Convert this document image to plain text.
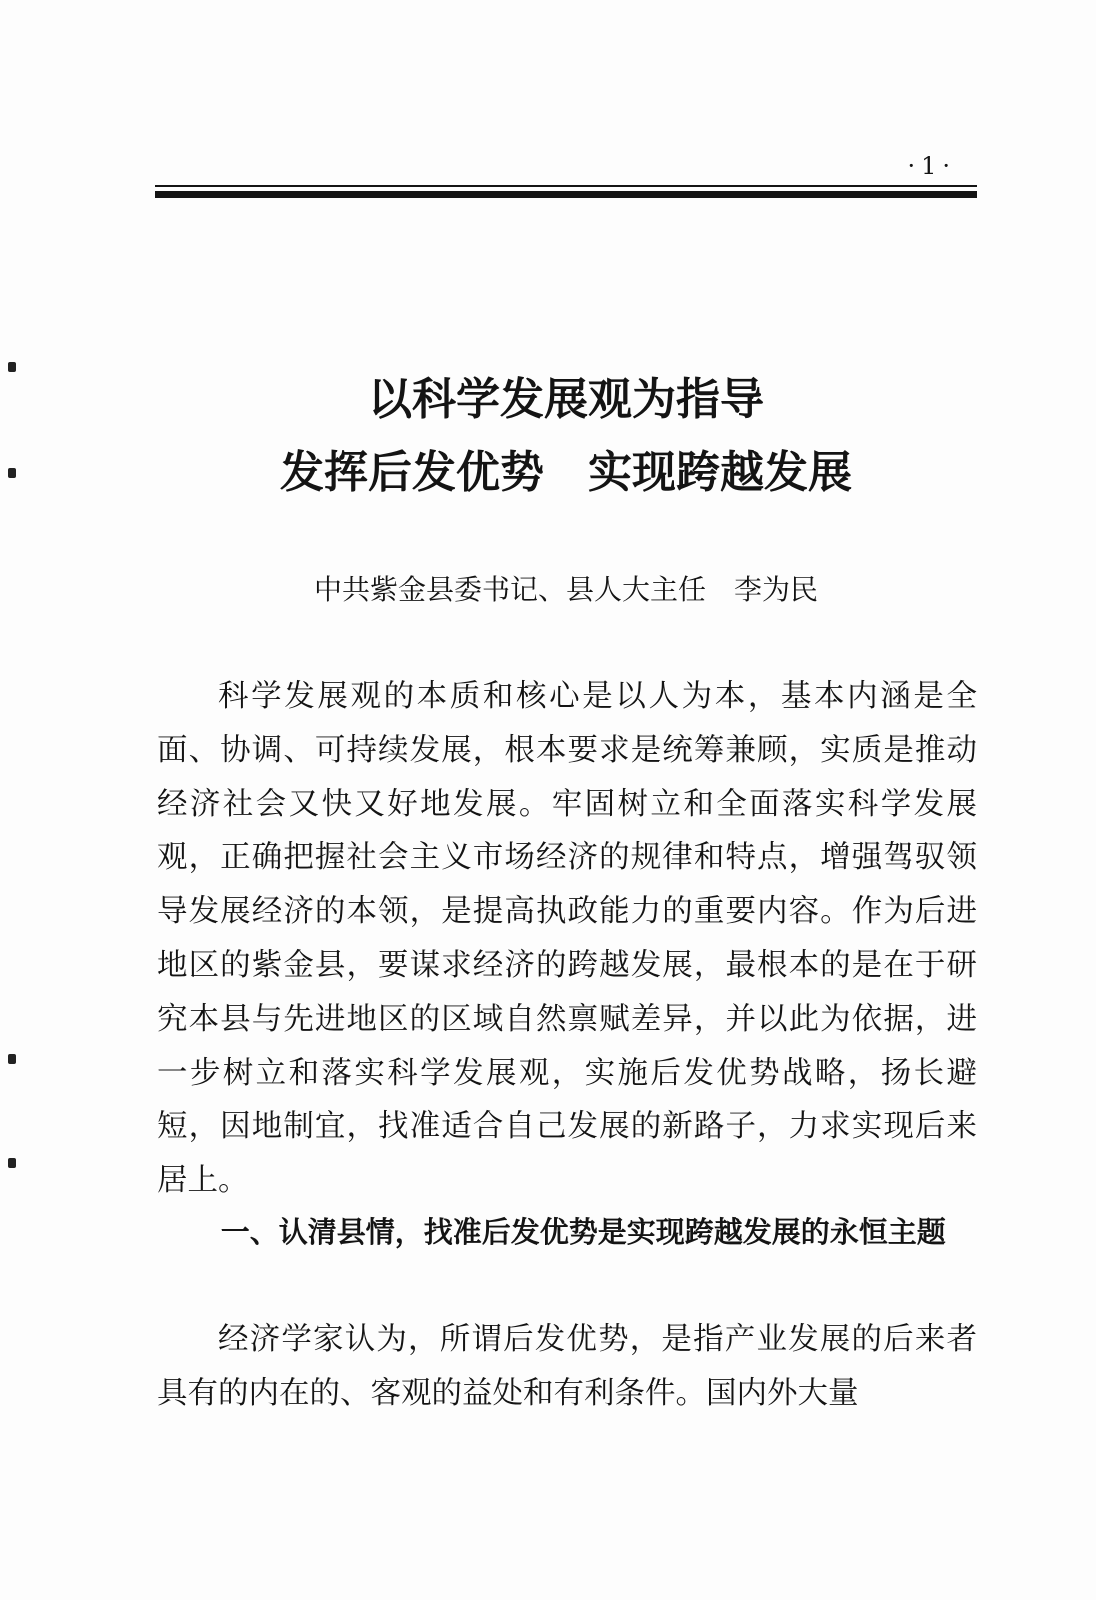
·1·
以科学发展观为指导
发挥后发优势　实现跨越发展
中共紫金县委书记、县人大主任　李为民

科学发展观的本质和核心是以人为本，基本内涵是全面、协调、可持续发展，根本要求是统筹兼顾，实质是推动经济社会又快又好地发展。牢固树立和全面落实科学发展观，正确把握社会主义市场经济的规律和特点，增强驾驭领导发展经济的本领，是提高执政能力的重要内容。作为后进地区的紫金县，要谋求经济的跨越发展，最根本的是在于研究本县与先进地区的区域自然禀赋差异，并以此为依据，进一步树立和落实科学发展观，实施后发优势战略，扬长避短，因地制宜，找准适合自己发展的新路子，力求实现后来居上。

一、认清县情，找准后发优势是实现跨越发展的永恒主题

经济学家认为，所谓后发优势，是指产业发展的后来者具有的内在的、客观的益处和有利条件。国内外大量
